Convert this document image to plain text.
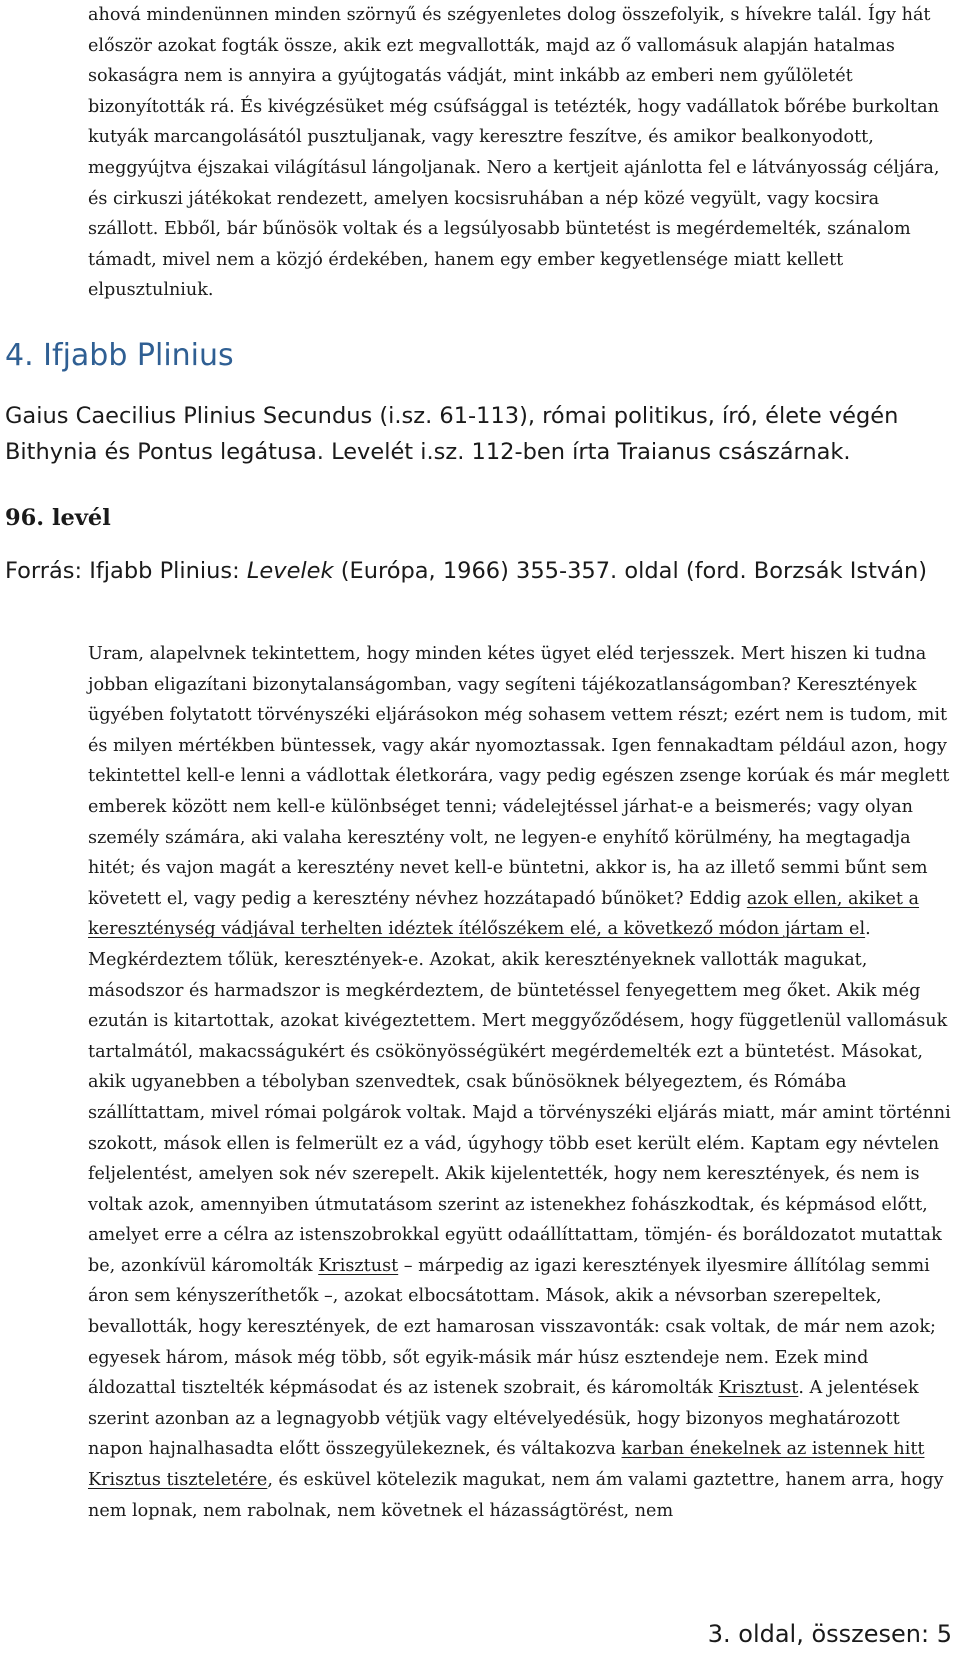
ahová mindenünnen minden szörnyű és szégyenletes dolog összefolyik, s hívekre talál. Így hát először azokat fogták össze, akik ezt megvallották, majd az ő vallomásuk alapján hatalmas sokaságra nem is annyira a gyújtogatás vádját, mint inkább az emberi nem gyűlöletét bizonyították rá. És kivégzésüket még csúfsággal is tetézték, hogy vadállatok bőrébe burkoltan kutyák marcangolásától pusztuljanak, vagy keresztre feszítve, és amikor bealkonyodott, meggyújtva éjszakai világításul lángoljanak. Nero a kertjeit ajánlotta fel e látványosság céljára, és cirkuszi játékokat rendezett, amelyen kocsisruhában a nép közé vegyült, vagy kocsira szállott. Ebből, bár bűnösök voltak és a legsúlyosabb büntetést is megérdemelték, szánalom támadt, mivel nem a közjó érdekében, hanem egy ember kegyetlensége miatt kellett elpusztulniuk.

4. Ifjabb Plinius

Gaius Caecilius Plinius Secundus (i.sz. 61-113), római politikus, író, élete végén Bithynia és Pontus legátusa. Levelét i.sz. 112-ben írta Traianus császárnak.

96. levél

Forrás: Ifjabb Plinius: Levelek (Európa, 1966) 355-357. oldal (ford. Borzsák István)

Uram, alapelvnek tekintettem, hogy minden kétes ügyet eléd terjesszek. Mert hiszen ki tudna jobban eligazítani bizonytalanságomban, vagy segíteni tájékozatlanságomban? Keresztények ügyében folytatott törvényszéki eljárásokon még sohasem vettem részt; ezért nem is tudom, mit és milyen mértékben büntessek, vagy akár nyomoztassak. Igen fennakadtam például azon, hogy tekintettel kell-e lenni a vádlottak életkorára, vagy pedig egészen zsenge korúak és már meglett emberek között nem kell-e különbséget tenni; vádelejtéssel járhat-e a beismerés; vagy olyan személy számára, aki valaha keresztény volt, ne legyen-e enyhítő körülmény, ha megtagadja hitét; és vajon magát a keresztény nevet kell-e büntetni, akkor is, ha az illető semmi bűnt sem követett el, vagy pedig a keresztény névhez hozzátapadó bűnöket? Eddig azok ellen, akiket a kereszténység vádjával terhelten idéztek ítélőszékem elé, a következő módon jártam el. Megkérdeztem tőlük, keresztények-e. Azokat, akik keresztényeknek vallották magukat, másodszor és harmadszor is megkérdeztem, de büntetéssel fenyegettem meg őket. Akik még ezután is kitartottak, azokat kivégeztettem. Mert meggyőződésem, hogy függetlenül vallomásuk tartalmától, makacsságukért és csökönyösségükért megérdemelték ezt a büntetést. Másokat, akik ugyanebben a tébolyban szenvedtek, csak bűnösöknek bélyegeztem, és Rómába szállíttattam, mivel római polgárok voltak. Majd a törvényszéki eljárás miatt, már amint történni szokott, mások ellen is felmerült ez a vád, úgyhogy több eset került elém. Kaptam egy névtelen feljelentést, amelyen sok név szerepelt. Akik kijelentették, hogy nem keresztények, és nem is voltak azok, amennyiben útmutatásom szerint az istenekhez fohászkodtak, és képmásod előtt, amelyet erre a célra az istenszobrokkal együtt odaállíttattam, tömjén- és boráldozatot mutattak be, azonkívül káromolták Krisztust – márpedig az igazi keresztények ilyesmire állítólag semmi áron sem kényszeríthetők –, azokat elbocsátottam. Mások, akik a névsorban szerepeltek, bevallották, hogy keresztények, de ezt hamarosan visszavonták: csak voltak, de már nem azok; egyesek három, mások még több, sőt egyik-másik már húsz esztendeje nem. Ezek mind áldozattal tisztelték képmásodat és az istenek szobrait, és káromolták Krisztust. A jelentések szerint azonban az a legnagyobb vétjük vagy eltévelyedésük, hogy bizonyos meghatározott napon hajnalhasadta előtt összegyülekeznek, és váltakozva karban énekelnek az istennek hitt Krisztus tiszteletére, és esküvel kötelezik magukat, nem ám valami gaztettre, hanem arra, hogy nem lopnak, nem rabolnak, nem követnek el házasságtörést, nem

3. oldal, összesen: 5
